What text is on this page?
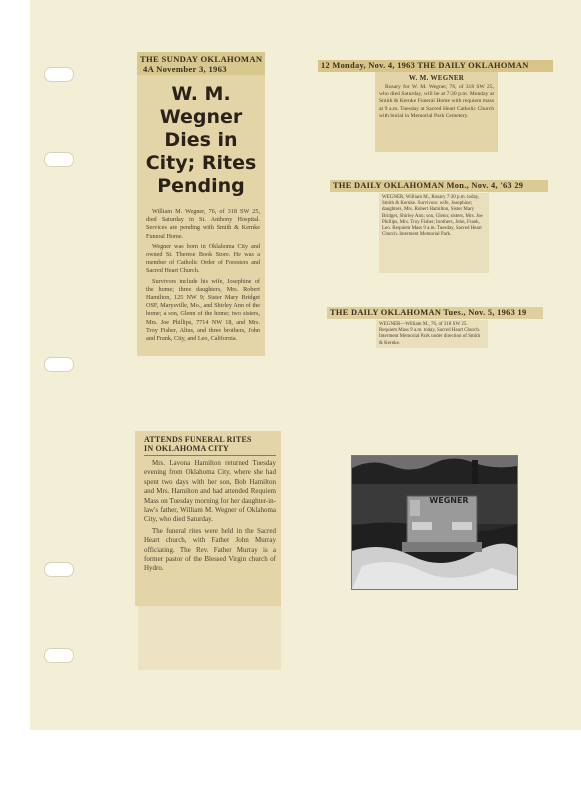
THE SUNDAY OKLAHOMAN
4A November 3, 1963
W. M. Wegner Dies in City; Rites Pending

William M. Wegner, 76, of 318 SW 25, died Saturday in St. Anthony Hospital. Services are pending with Smith & Kernke Funeral Home.

Wegner was born in Oklahoma City and owned St. Therese Book Store. He was a member of Catholic Order of Foresters and Sacred Heart Church.

Survivors include his wife, Josephine of the home; three daughters, Mrs. Robert Hamilton, 125 NW 9; Sister Mary Bridget OSF, Marysville, Mo., and Shirley Ann of the home; a son, Glenn of the home; two sisters, Mrs. Joe Phillips, 7714 NW 18, and Mrs. Troy Fisher, Altus, and three brothers, John and Frank, City, and Leo, California.

12 Monday, Nov. 4, 1963 THE DAILY OKLAHOMAN
W. M. WEGNER
Rosary for W. M. Wegner, 76, of 318 SW 25, who died Saturday, will be at 7:30 p.m. Monday at Smith & Kernke Funeral Home with requiem mass at 9 a.m. Tuesday at Sacred Heart Catholic Church with burial in Memorial Park Cemetery.
THE DAILY OKLAHOMAN Mon., Nov. 4, '63 29
WEGNER, William M., Rosary 7:30 p.m. today, Smith & Kernke. Survivors: wife, Josephine; daughters, Mrs. Robert Hamilton, Sister Mary Bridget, Shirley Ann; son, Glenn; sisters, Mrs. Joe Phillips, Mrs. Troy Fisher; brothers, John, Frank, Leo. Requiem Mass 9 a.m. Tuesday, Sacred Heart Church. Interment Memorial Park.
THE DAILY OKLAHOMAN Tues., Nov. 5, 1963 19
WEGNER—William M., 76, of 318 SW 25. Requiem Mass 9 a.m. today, Sacred Heart Church. Interment Memorial Park under direction of Smith & Kernke.
ATTENDS FUNERAL RITES
IN OKLAHOMA CITY

Mrs. Lavona Hamilton returned Tuesday evening from Oklahoma City, where she had spent two days with her son, Bob Hamilton and Mrs. Hamilton and had attended Requiem Mass on Tuesday morning for her daughter-in-law's father, William M. Wegner of Oklahoma City, who died Saturday.

The funeral rites were held in the Sacred Heart church, with Father John Murray officiating. The Rev. Father Murray is a former pastor of the Blessed Virgin church of Hydro.

WEGNER
